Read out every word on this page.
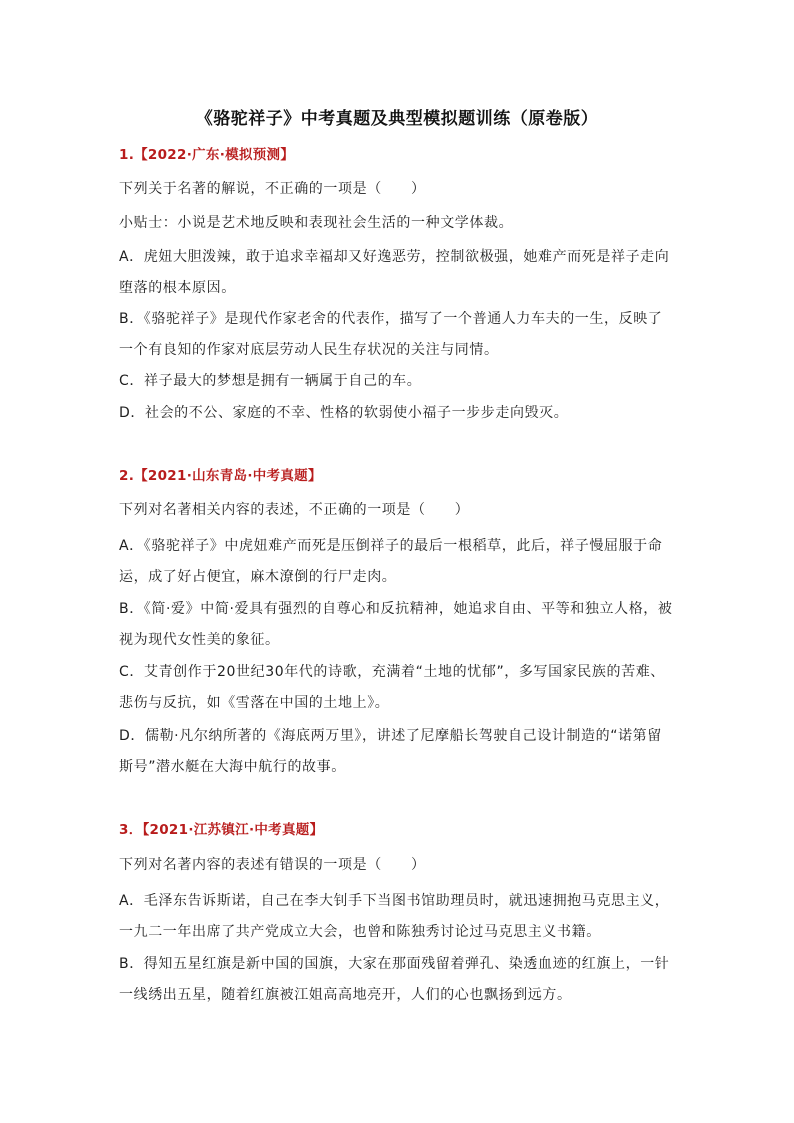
《骆驼祥子》中考真题及典型模拟题训练（原卷版）
1.【2022·广东·模拟预测】
下列关于名著的解说，不正确的一项是（　　）
小贴士：小说是艺术地反映和表现社会生活的一种文学体裁。
A．虎妞大胆泼辣，敢于追求幸福却又好逸恶劳，控制欲极强，她难产而死是祥子走向
堕落的根本原因。
B．《骆驼祥子》是现代作家老舍的代表作，描写了一个普通人力车夫的一生，反映了
一个有良知的作家对底层劳动人民生存状况的关注与同情。
C．祥子最大的梦想是拥有一辆属于自己的车。
D．社会的不公、家庭的不幸、性格的软弱使小福子一步步走向毁灭。
2.【2021·山东青岛·中考真题】
下列对名著相关内容的表述，不正确的一项是（　　）
A．《骆驼祥子》中虎妞难产而死是压倒祥子的最后一根稻草，此后，祥子慢屈服于命
运，成了好占便宜，麻木潦倒的行尸走肉。
B．《简·爱》中简·爱具有强烈的自尊心和反抗精神，她追求自由、平等和独立人格，被
视为现代女性美的象征。
C．艾青创作于20世纪30年代的诗歌，充满着“土地的忧郁”，多写国家民族的苦难、
悲伤与反抗，如《雪落在中国的土地上》。
D．儒勒·凡尔纳所著的《海底两万里》，讲述了尼摩船长驾驶自己设计制造的“诺第留
斯号”潜水艇在大海中航行的故事。
3．【2021·江苏镇江·中考真题】
下列对名著内容的表述有错误的一项是（　　）
A．毛泽东告诉斯诺，自己在李大钊手下当图书馆助理员时，就迅速拥抱马克思主义，
一九二一年出席了共产党成立大会，也曾和陈独秀讨论过马克思主义书籍。
B．得知五星红旗是新中国的国旗，大家在那面残留着弹孔、染透血迹的红旗上，一针
一线绣出五星，随着红旗被江姐高高地亮开，人们的心也飘扬到远方。
